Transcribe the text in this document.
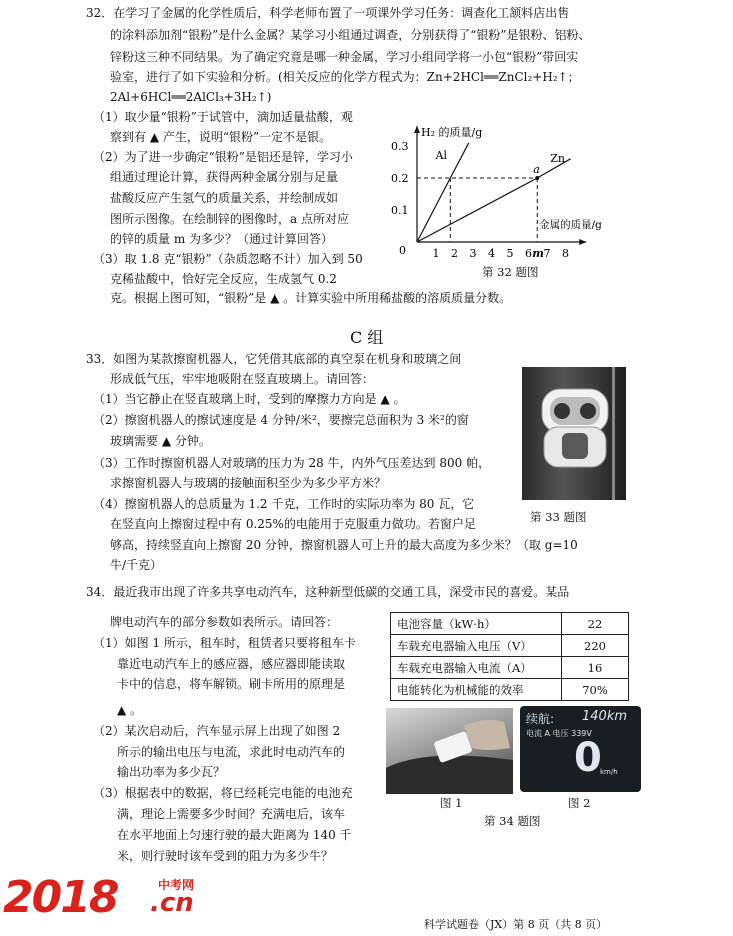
32．在学习了金属的化学性质后，科学老师布置了一项课外学习任务：调查化工颔料店出售
的涂料添加剂“银粉”是什么金属？某学习小组通过调查，分别获得了“银粉”是银粉、铝粉、
锌粉这三种不同结果。为了确定究竟是哪一种金属，学习小组同学将一小包“银粉”带回实
验室，进行了如下实验和分析。(相关反应的化学方程式为：Zn+2HCl══ZnCl₂+H₂↑；
2Al+6HCl══2AlCl₃+3H₂↑)
（1）取少量“银粉”于试管中，滴加适量盐酸，观
察到有 ▲ 产生，说明“银粉”一定不是银。
（2）为了进一步确定“银粉”是铝还是锌，学习小
组通过理论计算，获得两种金属分别与足量
盐酸反应产生氢气的质量关系，并绘制成如
图所示图像。在绘制锌的图像时，a 点所对应
的锌的质量 m 为多少？（通过计算回答）
（3）取 1.8 克“银粉”（杂质忽略不计）加入到 50
克稀盐酸中，恰好完全反应，生成氢气 0.2
克。根据上图可知，“银粉”是 ▲ 。计算实验中所用稀盐酸的溶质质量分数。
H₂ 的质量/g
金属的质量/g
0
0.3
0.2
0.1
1 2 3 4 5 6 m 7 8
Al	Zn
a
第 32 题图
C 组
33．如图为某款擦窗机器人，它凭借其底部的真空泵在机身和玻璃之间
形成低气压，牢牢地吸附在竖直玻璃上。请回答：
（1）当它静止在竖直玻璃上时，受到的摩擦力方向是 ▲ 。
（2）擦窗机器人的擦试速度是 4 分钟/米²，要擦完总面积为 3 米²的窗
玻璃需要 ▲ 分钟。
（3）工作时擦窗机器人对玻璃的压力为 28 牛，内外气压差达到 800 帕，
求擦窗机器人与玻璃的接触面积至少为多少平方米？
（4）擦窗机器人的总质量为 1.2 千克，工作时的实际功率为 80 瓦，它
在竖直向上擦窗过程中有 0.25%的电能用于克服重力做功。若窗户足
够高，持续竖直向上擦窗 20 分钟，擦窗机器人可上升的最大高度为多少米？（取 g=10
牛/千克）
第 33 题图
34．最近我市出现了许多共享电动汽车，这种新型低碳的交通工具，深受市民的喜爱。某品
牌电动汽车的部分参数如表所示。请回答：
（1）如图 1 所示，租车时，租赁者只要将租车卡
靠近电动汽车上的感应器，感应器即能读取
卡中的信息，将车解锁。刷卡所用的原理是
▲ 。
（2）某次启动后，汽车显示屏上出现了如图 2
所示的输出电压与电流，求此时电动汽车的
输出功率为多少瓦？
（3）根据表中的数据，将已经耗完电能的电池充
满，理论上需要多少时间？充满电后，该车
在水平地面上匀速行驶的最大距离为 140 千
米，则行驶时该车受到的阻力为多少牛？
电池容量（kW·h）	22
车载充电器输入电压（V）	220
车载充电器输入电流（A）	16
电能转化为机械能的效率	70%
图 1
续航: 140km
电流 A 电压 339V
0
km/h
图 2
第 34 题图
2018	中考网
.cn
科学试题卷（JX）第 8 页（共 8 页）
